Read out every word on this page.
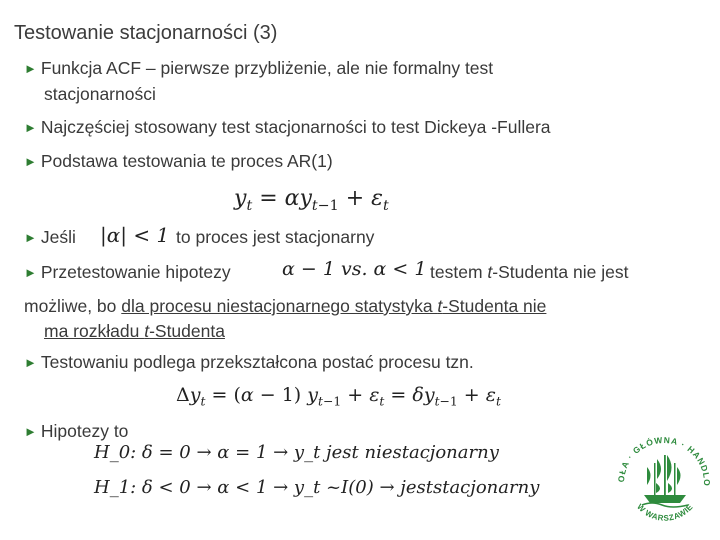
Testowanie stacjonarności (3)
► Funkcja ACF – pierwsze przybliżenie, ale nie formalny test
stacjonarności
► Najczęściej stosowany test stacjonarności to test Dickeya -Fullera
► Podstawa testowania te proces AR(1)
$y_t = \alpha y_{t-1} + \varepsilon_t$
► Jeśli |α| < 1 to proces jest stacjonarny
► Przetestowanie hipotezy	α − 1 vs. α < 1 testem t-Studenta nie jest
możliwe, bo dla procesu niestacjonarnego statystyka t-Studenta nie
ma rozkładu t-Studenta
► Testowaniu podlega przekształcona postać procesu tzn.
$\Delta y_t = (\alpha - 1) y_{t-1} + \varepsilon_t = \delta y_{t-1} + \varepsilon_t$
► Hipotezy to
H_0: δ = 0 → α = 1 → y_t jest niestacjonarny
H_1: δ < 0 → α < 1 → y_t ~I(0) → jeststacjonarny	OŁA · GŁÓWNA · HANDLO
W WARSZAWIE
